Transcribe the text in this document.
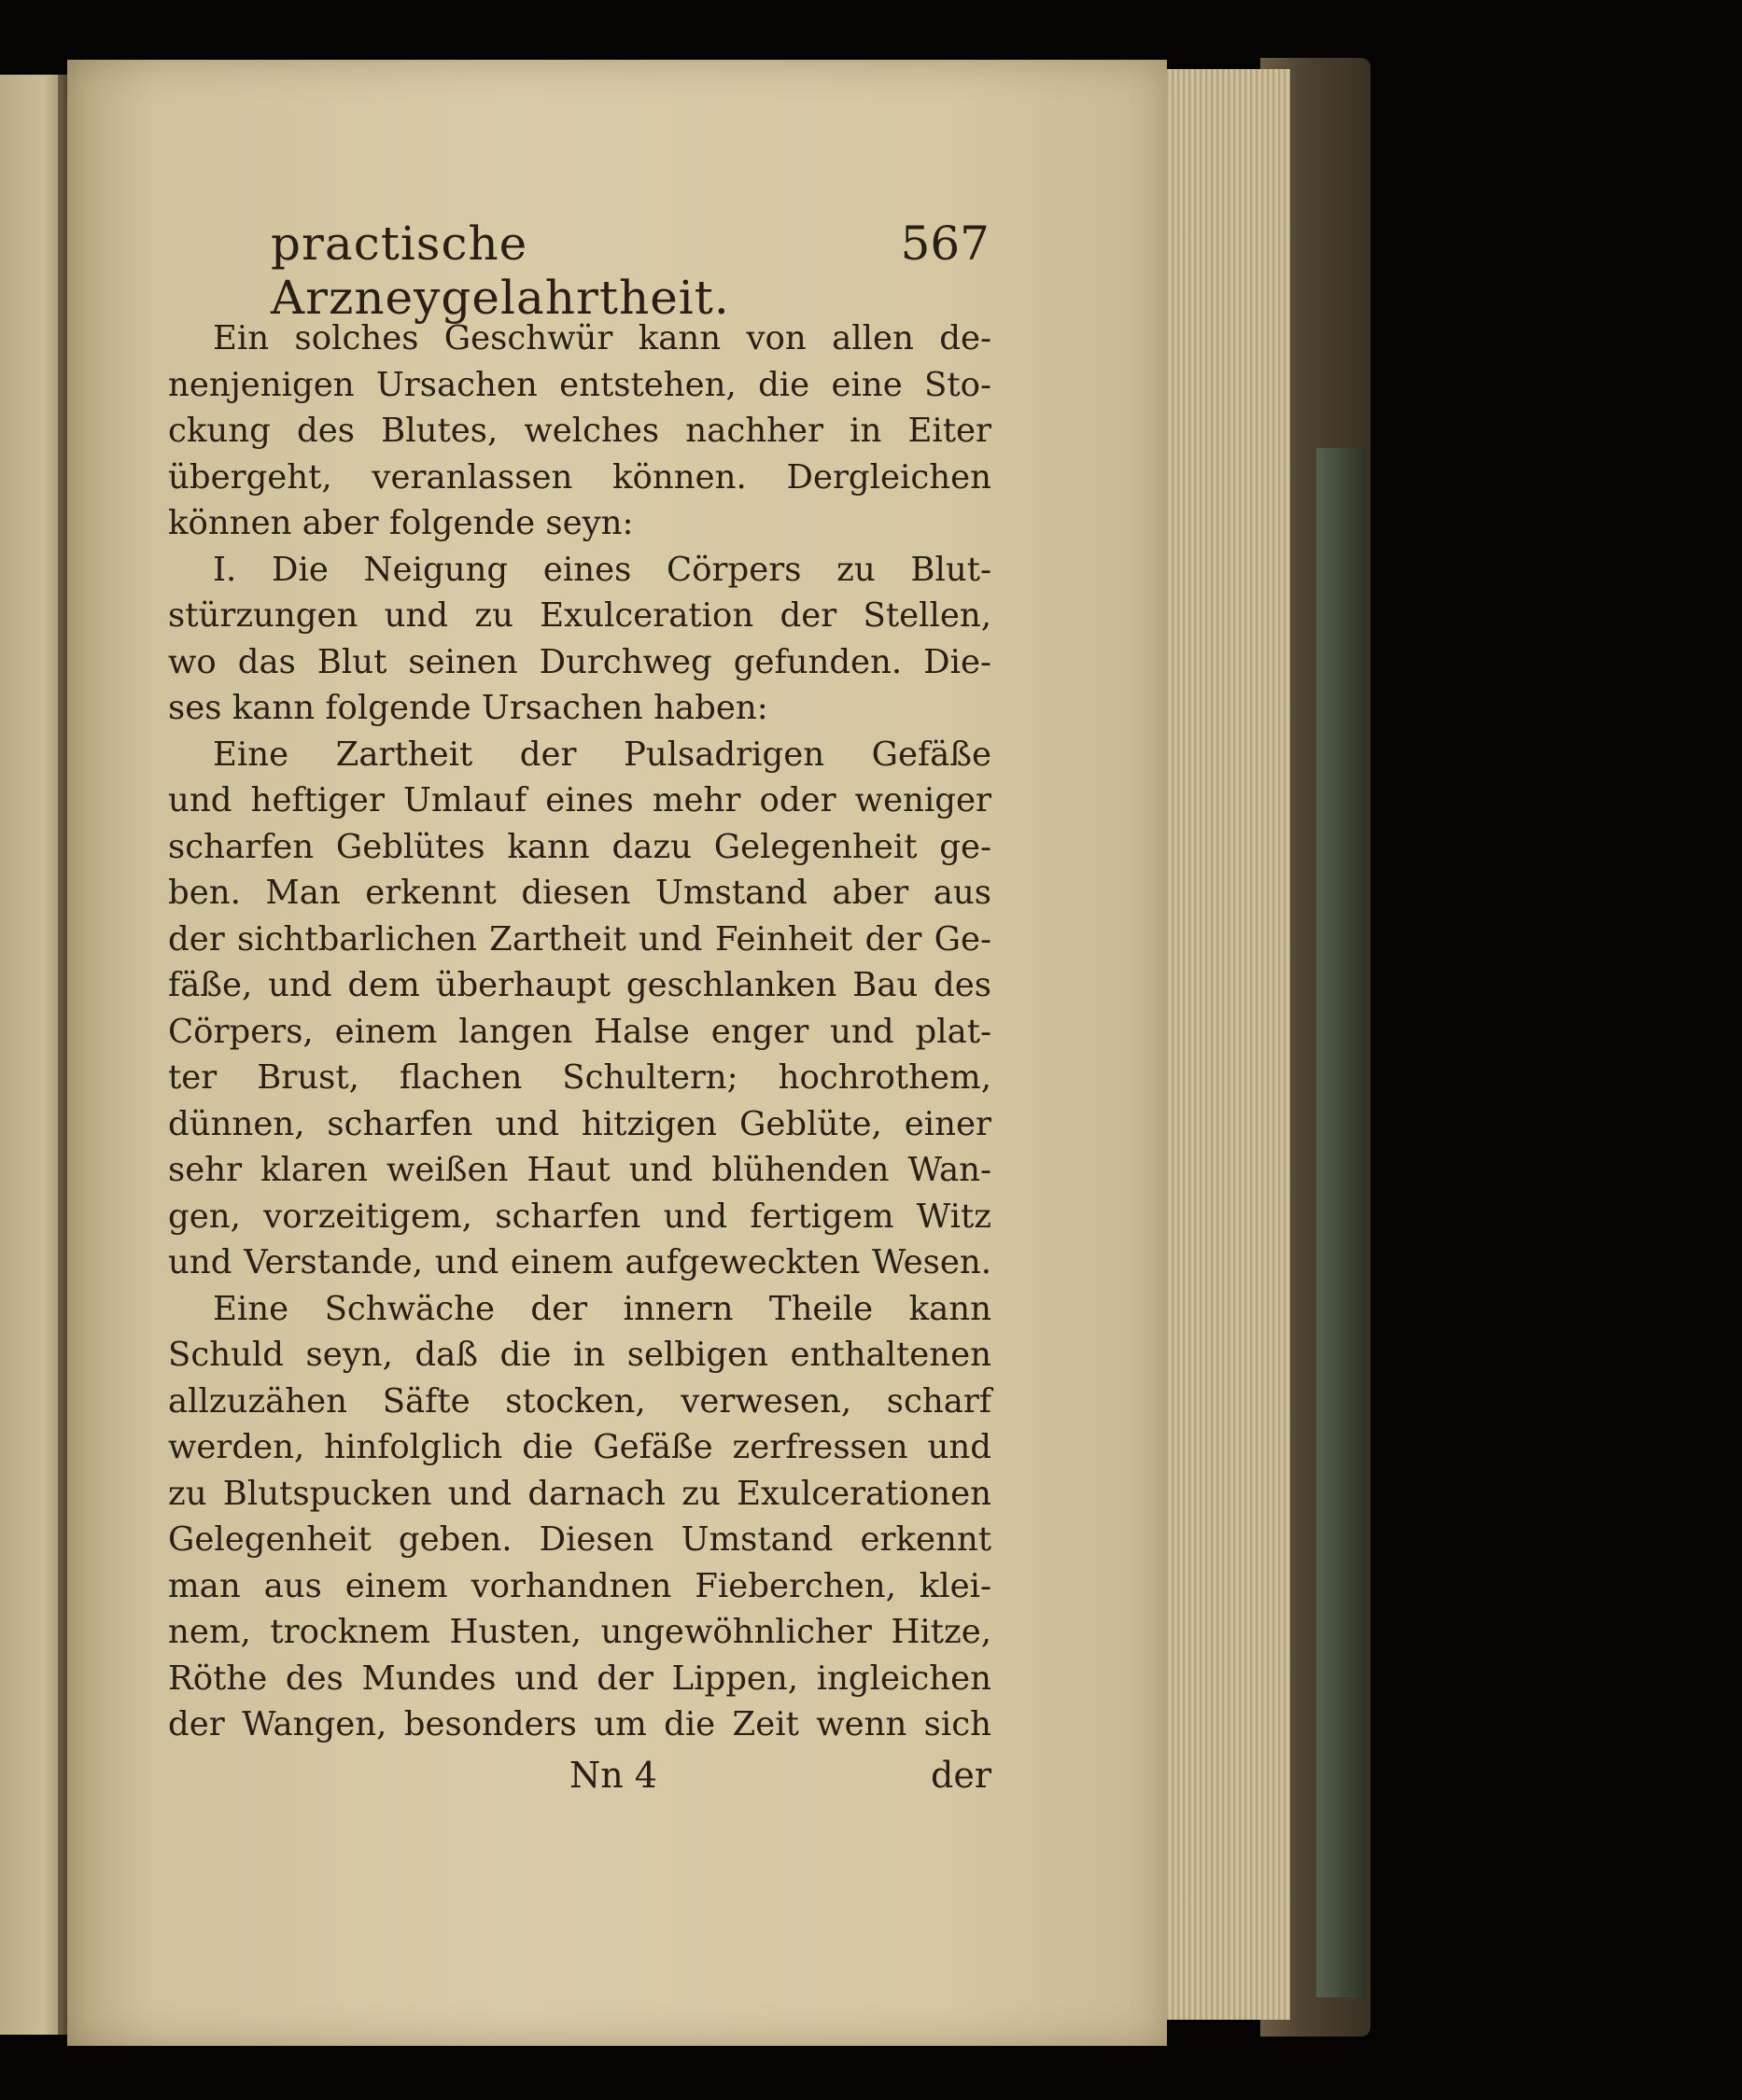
practische Arzneygelahrtheit.
567
Ein solches Geschwür kann von allen de-
nenjenigen Ursachen entstehen, die eine Sto-
ckung des Blutes, welches nachher in Eiter
übergeht, veranlassen können. Dergleichen
können aber folgende seyn:
I. Die Neigung eines Cörpers zu Blut-
stürzungen und zu Exulceration der Stellen,
wo das Blut seinen Durchweg gefunden. Die-
ses kann folgende Ursachen haben:
Eine Zartheit der Pulsadrigen Gefäße
und heftiger Umlauf eines mehr oder weniger
scharfen Geblütes kann dazu Gelegenheit ge-
ben. Man erkennt diesen Umstand aber aus
der sichtbarlichen Zartheit und Feinheit der Ge-
fäße, und dem überhaupt geschlanken Bau des
Cörpers, einem langen Halse enger und plat-
ter Brust, flachen Schultern; hochrothem,
dünnen, scharfen und hitzigen Geblüte, einer
sehr klaren weißen Haut und blühenden Wan-
gen, vorzeitigem, scharfen und fertigem Witz
und Verstande, und einem aufgeweckten Wesen.
Eine Schwäche der innern Theile kann
Schuld seyn, daß die in selbigen enthaltenen
allzuzähen Säfte stocken, verwesen, scharf
werden, hinfolglich die Gefäße zerfressen und
zu Blutspucken und darnach zu Exulcerationen
Gelegenheit geben. Diesen Umstand erkennt
man aus einem vorhandnen Fieberchen, klei-
nem, trocknem Husten, ungewöhnlicher Hitze,
Röthe des Mundes und der Lippen, ingleichen
der Wangen, besonders um die Zeit wenn sich
Nn 4	der
